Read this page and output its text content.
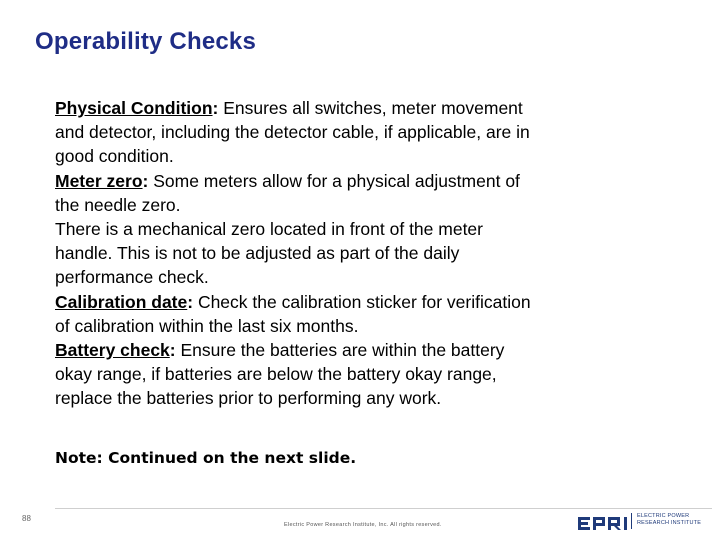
Operability Checks

Physical Condition: Ensures all switches, meter movement and detector, including the detector cable, if applicable, are in good condition.

Meter zero: Some meters allow for a physical adjustment of the needle zero.

There is a mechanical zero located in front of the meter handle. This is not to be adjusted as part of the daily performance check.

Calibration date: Check the calibration sticker for verification of calibration within the last six months.

Battery check: Ensure the batteries are within the battery okay range, if batteries are below the battery okay range, replace the batteries prior to performing any work.

Note: Continued on the next slide.
88
Electric Power Research Institute, Inc. All rights reserved.
ELECTRIC POWER
RESEARCH INSTITUTE
